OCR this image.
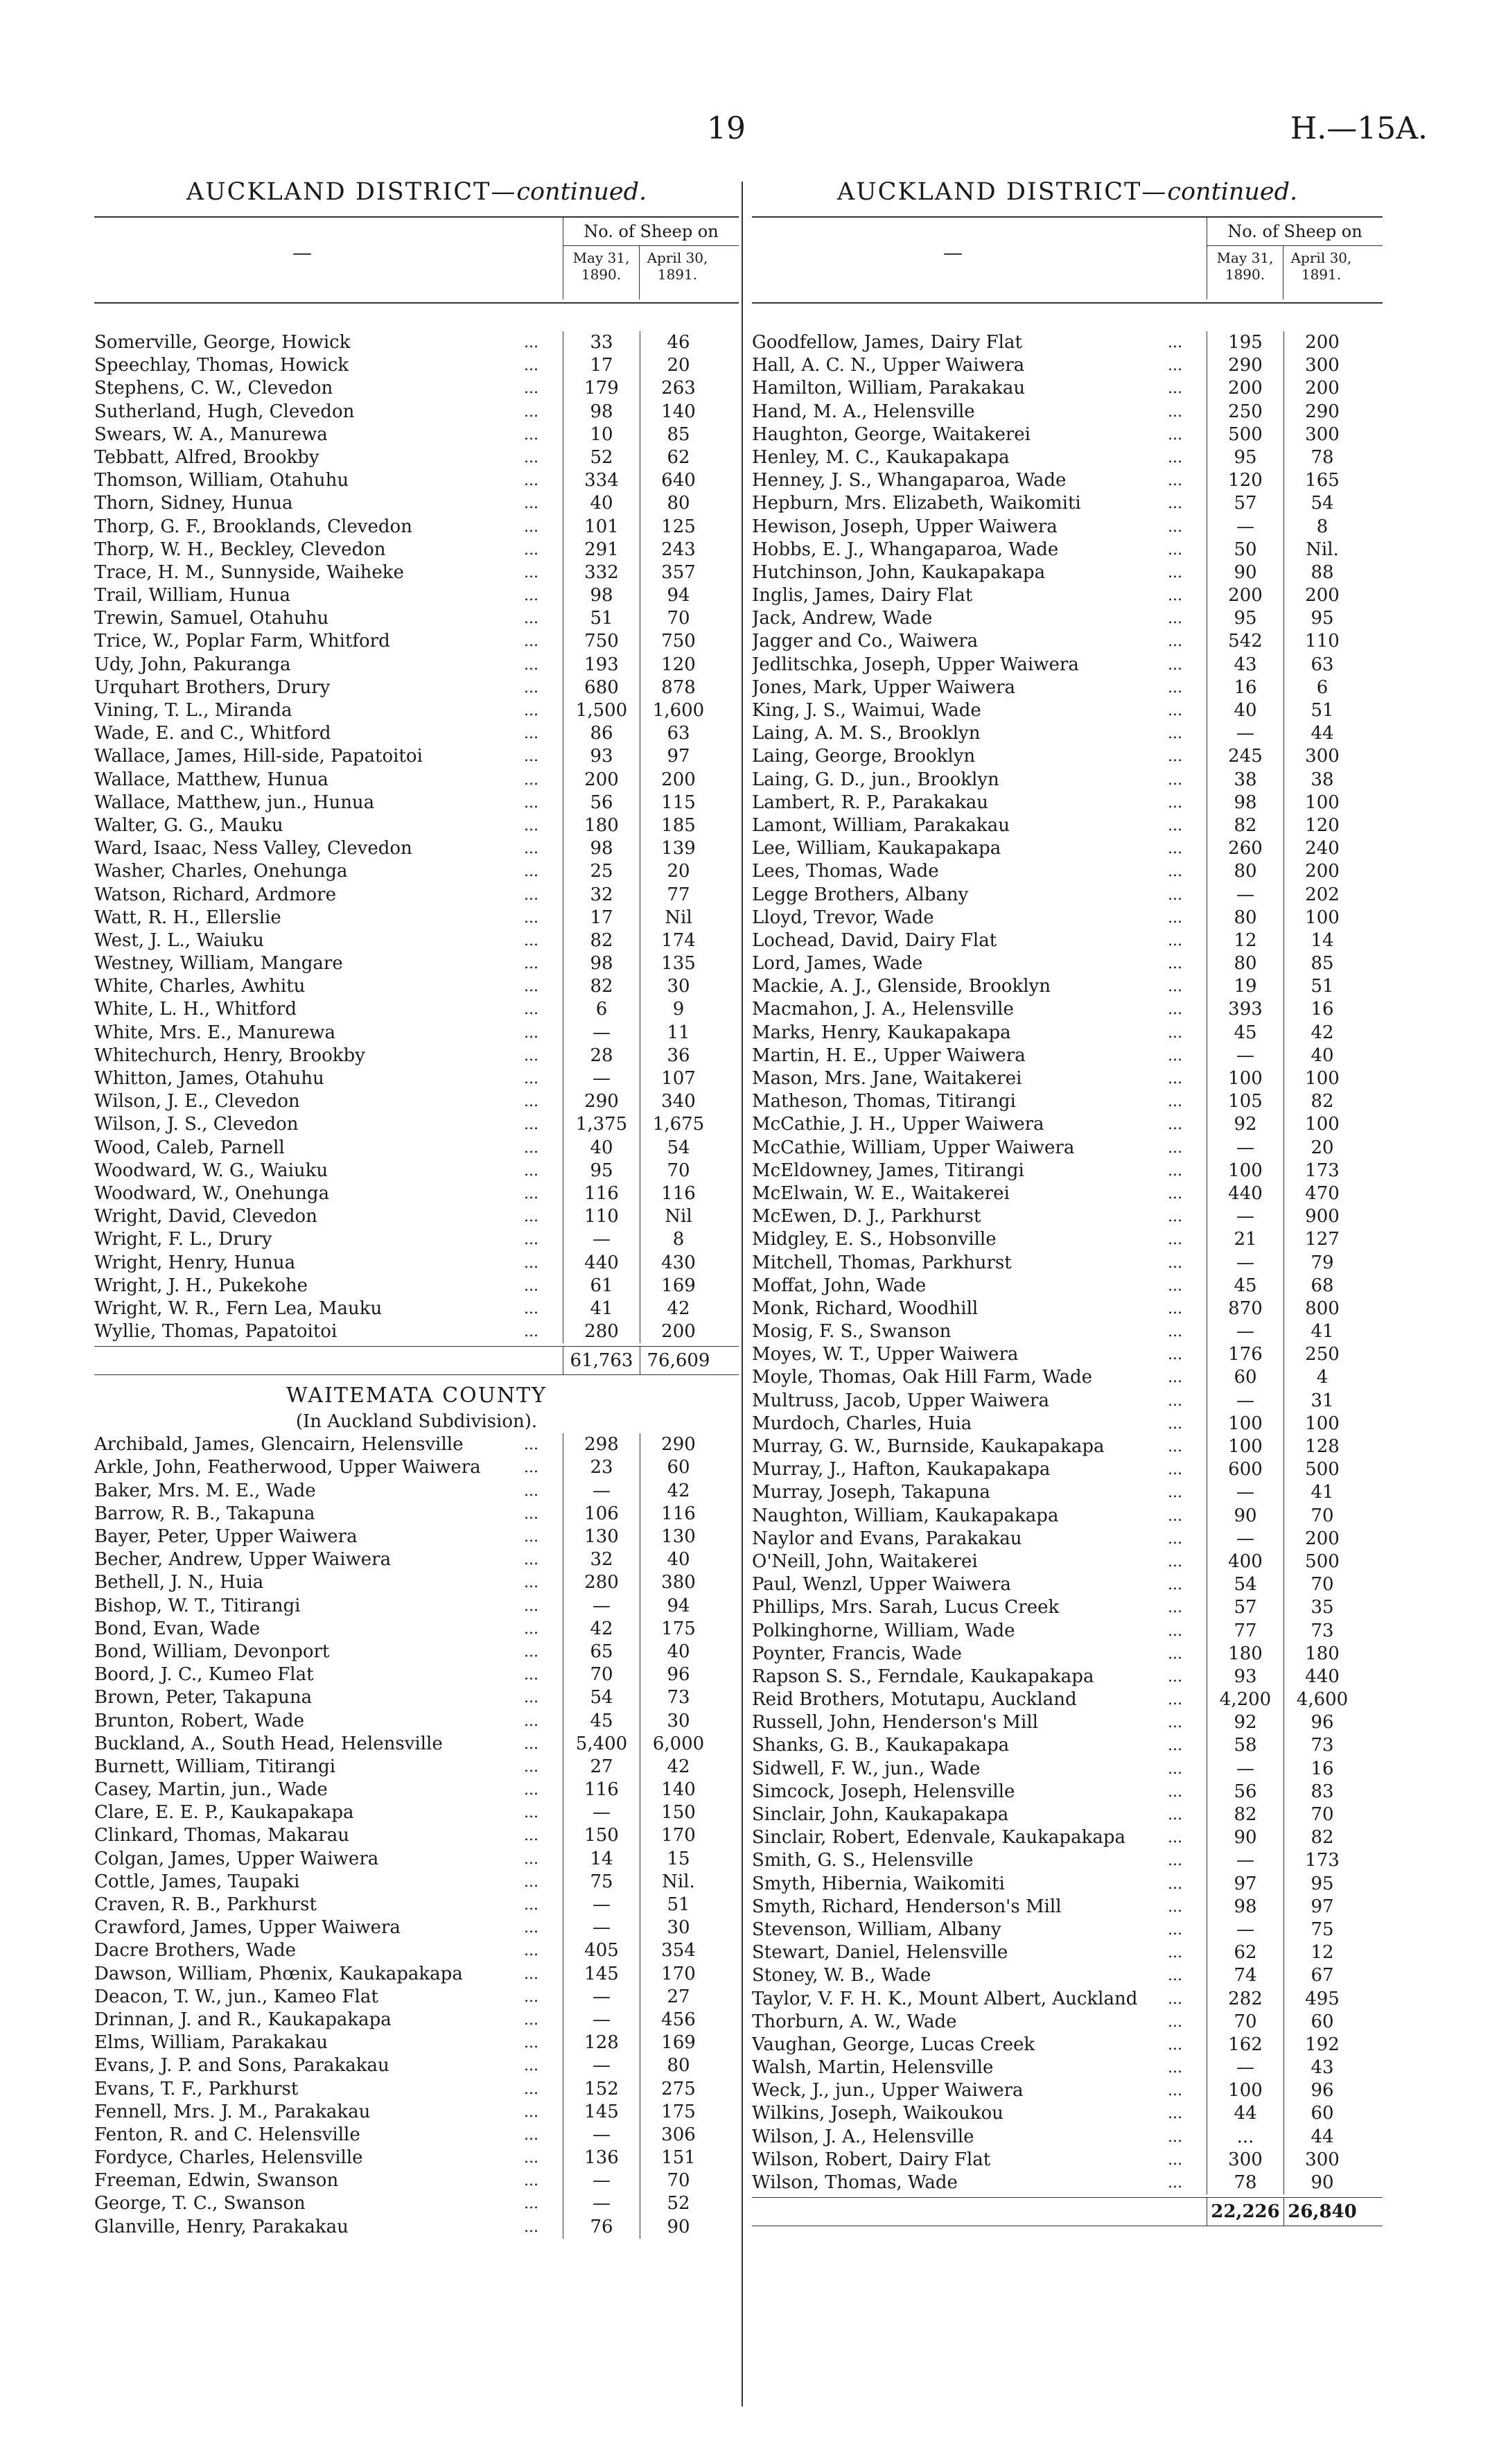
19	H.—15A.
AUCKLAND DISTRICT—continued.
—
No. of Sheep on
May 31, 1890.
April 30, 1891.
Somerville, George, Howick	...	33	46
Speechlay, Thomas, Howick	...	17	20
Stephens, C. W., Clevedon	...	179	263
Sutherland, Hugh, Clevedon	...	98	140
Swears, W. A., Manurewa	...	10	85
Tebbatt, Alfred, Brookby	...	52	62
Thomson, William, Otahuhu	...	334	640
Thorn, Sidney, Hunua	...	40	80
Thorp, G. F., Brooklands, Clevedon	...	101	125
Thorp, W. H., Beckley, Clevedon	...	291	243
Trace, H. M., Sunnyside, Waiheke	...	332	357
Trail, William, Hunua	...	98	94
Trewin, Samuel, Otahuhu	...	51	70
Trice, W., Poplar Farm, Whitford	...	750	750
Udy, John, Pakuranga	...	193	120
Urquhart Brothers, Drury	...	680	878
Vining, T. L., Miranda	...	1,500	1,600
Wade, E. and C., Whitford	...	86	63
Wallace, James, Hill-side, Papatoitoi	...	93	97
Wallace, Matthew, Hunua	...	200	200
Wallace, Matthew, jun., Hunua	...	56	115
Walter, G. G., Mauku	...	180	185
Ward, Isaac, Ness Valley, Clevedon	...	98	139
Washer, Charles, Onehunga	...	25	20
Watson, Richard, Ardmore	...	32	77
Watt, R. H., Ellerslie	...	17	Nil
West, J. L., Waiuku	...	82	174
Westney, William, Mangare	...	98	135
White, Charles, Awhitu	...	82	30
White, L. H., Whitford	...	6	9
White, Mrs. E., Manurewa	...	—	11
Whitechurch, Henry, Brookby	...	28	36
Whitton, James, Otahuhu	...	—	107
Wilson, J. E., Clevedon	...	290	340
Wilson, J. S., Clevedon	...	1,375	1,675
Wood, Caleb, Parnell	...	40	54
Woodward, W. G., Waiuku	...	95	70
Woodward, W., Onehunga	...	116	116
Wright, David, Clevedon	...	110	Nil
Wright, F. L., Drury	...	—	8
Wright, Henry, Hunua	...	440	430
Wright, J. H., Pukekohe	...	61	169
Wright, W. R., Fern Lea, Mauku	...	41	42
Wyllie, Thomas, Papatoitoi	...	280	200
61,763 76,609
WAITEMATA COUNTY
(In Auckland Subdivision).
Archibald, James, Glencairn, Helensville	...	298	290
Arkle, John, Featherwood, Upper Waiwera	...	23	60
Baker, Mrs. M. E., Wade	...	—	42
Barrow, R. B., Takapuna	...	106	116
Bayer, Peter, Upper Waiwera	...	130	130
Becher, Andrew, Upper Waiwera	...	32	40
Bethell, J. N., Huia	...	280	380
Bishop, W. T., Titirangi	...	—	94
Bond, Evan, Wade	...	42	175
Bond, William, Devonport	...	65	40
Boord, J. C., Kumeo Flat	...	70	96
Brown, Peter, Takapuna	...	54	73
Brunton, Robert, Wade	...	45	30
Buckland, A., South Head, Helensville	...	5,400	6,000
Burnett, William, Titirangi	...	27	42
Casey, Martin, jun., Wade	...	116	140
Clare, E. E. P., Kaukapakapa	...	—	150
Clinkard, Thomas, Makarau	...	150	170
Colgan, James, Upper Waiwera	...	14	15
Cottle, James, Taupaki	...	75	Nil.
Craven, R. B., Parkhurst	...	—	51
Crawford, James, Upper Waiwera	...	—	30
Dacre Brothers, Wade	...	405	354
Dawson, William, Phœnix, Kaukapakapa	...	145	170
Deacon, T. W., jun., Kameo Flat	...	—	27
Drinnan, J. and R., Kaukapakapa	...	—	456
Elms, William, Parakakau	...	128	169
Evans, J. P. and Sons, Parakakau	...	—	80
Evans, T. F., Parkhurst	...	152	275
Fennell, Mrs. J. M., Parakakau	...	145	175
Fenton, R. and C. Helensville	...	—	306
Fordyce, Charles, Helensville	...	136	151
Freeman, Edwin, Swanson	...	—	70
George, T. C., Swanson	...	—	52
Glanville, Henry, Parakakau	...	76	90
AUCKLAND DISTRICT—continued.
—
No. of Sheep on
May 31, 1890.
April 30, 1891.
Goodfellow, James, Dairy Flat	...	195	200
Hall, A. C. N., Upper Waiwera	...	290	300
Hamilton, William, Parakakau	...	200	200
Hand, M. A., Helensville	...	250	290
Haughton, George, Waitakerei	...	500	300
Henley, M. C., Kaukapakapa	...	95	78
Henney, J. S., Whangaparoa, Wade	...	120	165
Hepburn, Mrs. Elizabeth, Waikomiti	...	57	54
Hewison, Joseph, Upper Waiwera	...	—	8
Hobbs, E. J., Whangaparoa, Wade	...	50	Nil.
Hutchinson, John, Kaukapakapa	...	90	88
Inglis, James, Dairy Flat	...	200	200
Jack, Andrew, Wade	...	95	95
Jagger and Co., Waiwera	...	542	110
Jedlitschka, Joseph, Upper Waiwera	...	43	63
Jones, Mark, Upper Waiwera	...	16	6
King, J. S., Waimui, Wade	...	40	51
Laing, A. M. S., Brooklyn	...	—	44
Laing, George, Brooklyn	...	245	300
Laing, G. D., jun., Brooklyn	...	38	38
Lambert, R. P., Parakakau	...	98	100
Lamont, William, Parakakau	...	82	120
Lee, William, Kaukapakapa	...	260	240
Lees, Thomas, Wade	...	80	200
Legge Brothers, Albany	...	—	202
Lloyd, Trevor, Wade	...	80	100
Lochead, David, Dairy Flat	...	12	14
Lord, James, Wade	...	80	85
Mackie, A. J., Glenside, Brooklyn	...	19	51
Macmahon, J. A., Helensville	...	393	16
Marks, Henry, Kaukapakapa	...	45	42
Martin, H. E., Upper Waiwera	...	—	40
Mason, Mrs. Jane, Waitakerei	...	100	100
Matheson, Thomas, Titirangi	...	105	82
McCathie, J. H., Upper Waiwera	...	92	100
McCathie, William, Upper Waiwera	...	—	20
McEldowney, James, Titirangi	...	100	173
McElwain, W. E., Waitakerei	...	440	470
McEwen, D. J., Parkhurst	...	—	900
Midgley, E. S., Hobsonville	...	21	127
Mitchell, Thomas, Parkhurst	...	—	79
Moffat, John, Wade	...	45	68
Monk, Richard, Woodhill	...	870	800
Mosig, F. S., Swanson	...	—	41
Moyes, W. T., Upper Waiwera	...	176	250
Moyle, Thomas, Oak Hill Farm, Wade	...	60	4
Multruss, Jacob, Upper Waiwera	...	—	31
Murdoch, Charles, Huia	...	100	100
Murray, G. W., Burnside, Kaukapakapa	...	100	128
Murray, J., Hafton, Kaukapakapa	...	600	500
Murray, Joseph, Takapuna	...	—	41
Naughton, William, Kaukapakapa	...	90	70
Naylor and Evans, Parakakau	...	—	200
O'Neill, John, Waitakerei	...	400	500
Paul, Wenzl, Upper Waiwera	...	54	70
Phillips, Mrs. Sarah, Lucus Creek	...	57	35
Polkinghorne, William, Wade	...	77	73
Poynter, Francis, Wade	...	180	180
Rapson S. S., Ferndale, Kaukapakapa	...	93	440
Reid Brothers, Motutapu, Auckland	...	4,200	4,600
Russell, John, Henderson's Mill	...	92	96
Shanks, G. B., Kaukapakapa	...	58	73
Sidwell, F. W., jun., Wade	...	—	16
Simcock, Joseph, Helensville	...	56	83
Sinclair, John, Kaukapakapa	...	82	70
Sinclair, Robert, Edenvale, Kaukapakapa	...	90	82
Smith, G. S., Helensville	...	—	173
Smyth, Hibernia, Waikomiti	...	97	95
Smyth, Richard, Henderson's Mill	...	98	97
Stevenson, William, Albany	...	—	75
Stewart, Daniel, Helensville	...	62	12
Stoney, W. B., Wade	...	74	67
Taylor, V. F. H. K., Mount Albert, Auckland	...	282	495
Thorburn, A. W., Wade	...	70	60
Vaughan, George, Lucas Creek	...	162	192
Walsh, Martin, Helensville	...	—	43
Weck, J., jun., Upper Waiwera	...	100	96
Wilkins, Joseph, Waikoukou	...	44	60
Wilson, J. A., Helensville	...	...	44
Wilson, Robert, Dairy Flat	...	300	300
Wilson, Thomas, Wade	...	78	90
22,226 26,840
